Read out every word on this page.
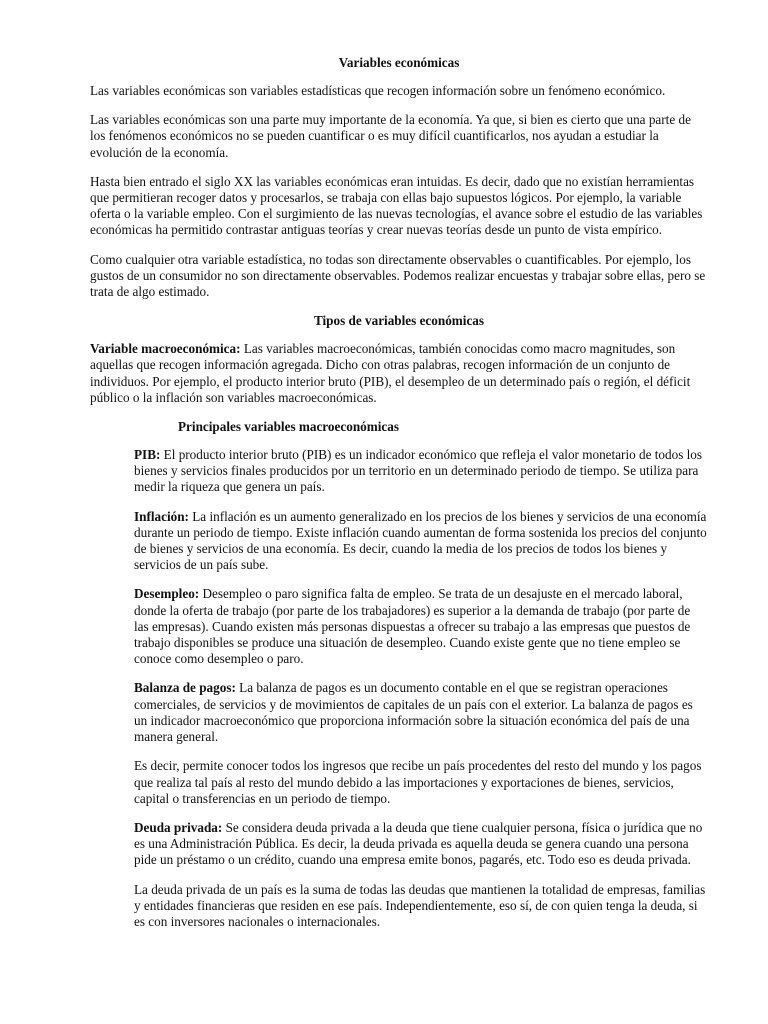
Variables económicas

Las variables económicas son variables estadísticas que recogen información sobre un fenómeno económico.

Las variables económicas son una parte muy importante de la economía. Ya que, si bien es cierto que una parte de los fenómenos económicos no se pueden cuantificar o es muy difícil cuantificarlos, nos ayudan a estudiar la evolución de la economía.

Hasta bien entrado el siglo XX las variables económicas eran intuidas. Es decir, dado que no existían herramientas que permitieran recoger datos y procesarlos, se trabaja con ellas bajo supuestos lógicos. Por ejemplo, la variable oferta o la variable empleo. Con el surgimiento de las nuevas tecnologías, el avance sobre el estudio de las variables económicas ha permitido contrastar antiguas teorías y crear nuevas teorías desde un punto de vista empírico.

Como cualquier otra variable estadística, no todas son directamente observables o cuantificables. Por ejemplo, los gustos de un consumidor no son directamente observables. Podemos realizar encuestas y trabajar sobre ellas, pero se trata de algo estimado.

Tipos de variables económicas

Variable macroeconómica: Las variables macroeconómicas, también conocidas como macro magnitudes, son aquellas que recogen información agregada. Dicho con otras palabras, recogen información de un conjunto de individuos. Por ejemplo, el producto interior bruto (PIB), el desempleo de un determinado país o región, el déficit público o la inflación son variables macroeconómicas.

Principales variables macroeconómicas

PIB: El producto interior bruto (PIB) es un indicador económico que refleja el valor monetario de todos los bienes y servicios finales producidos por un territorio en un determinado periodo de tiempo. Se utiliza para medir la riqueza que genera un país.

Inflación: La inflación es un aumento generalizado en los precios de los bienes y servicios de una economía durante un periodo de tiempo. Existe inflación cuando aumentan de forma sostenida los precios del conjunto de bienes y servicios de una economía. Es decir, cuando la media de los precios de todos los bienes y servicios de un país sube.

Desempleo: Desempleo o paro significa falta de empleo. Se trata de un desajuste en el mercado laboral, donde la oferta de trabajo (por parte de los trabajadores) es superior a la demanda de trabajo (por parte de las empresas). Cuando existen más personas dispuestas a ofrecer su trabajo a las empresas que puestos de trabajo disponibles se produce una situación de desempleo. Cuando existe gente que no tiene empleo se conoce como desempleo o paro.

Balanza de pagos: La balanza de pagos es un documento contable en el que se registran operaciones comerciales, de servicios y de movimientos de capitales de un país con el exterior. La balanza de pagos es un indicador macroeconómico que proporciona información sobre la situación económica del país de una manera general.

Es decir, permite conocer todos los ingresos que recibe un país procedentes del resto del mundo y los pagos que realiza tal país al resto del mundo debido a las importaciones y exportaciones de bienes, servicios, capital o transferencias en un periodo de tiempo.

Deuda privada: Se considera deuda privada a la deuda que tiene cualquier persona, física o jurídica que no es una Administración Pública. Es decir, la deuda privada es aquella deuda se genera cuando una persona pide un préstamo o un crédito, cuando una empresa emite bonos, pagarés, etc. Todo eso es deuda privada.

La deuda privada de un país es la suma de todas las deudas que mantienen la totalidad de empresas, familias y entidades financieras que residen en ese país. Independientemente, eso sí, de con quien tenga la deuda, si es con inversores nacionales o internacionales.
